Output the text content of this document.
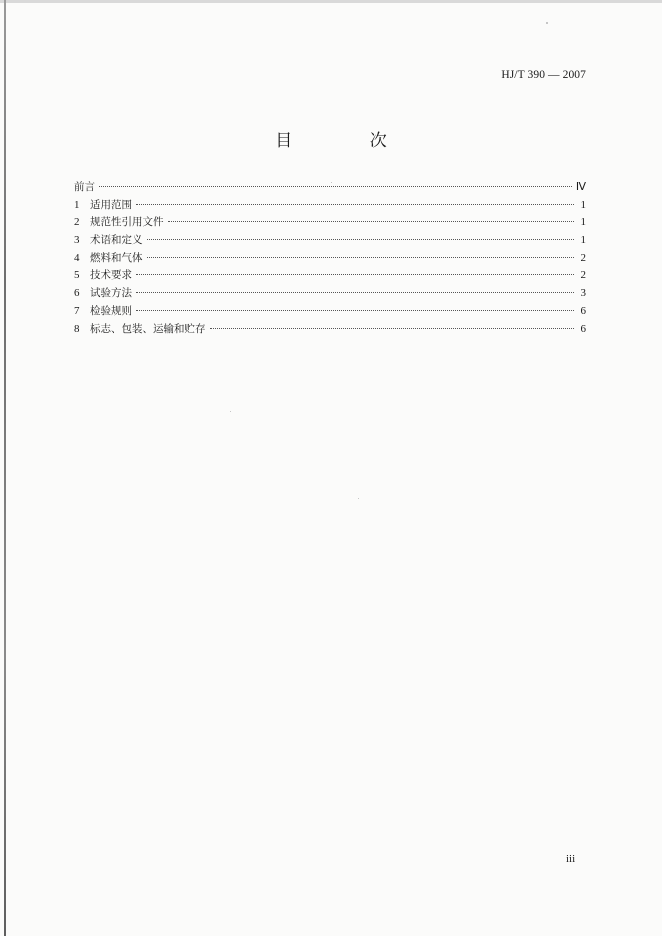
HJ/T 390 — 2007
目 次
前言	Ⅳ
1	适用范围	1
2	规范性引用文件	1
3	术语和定义	1
4	燃料和气体	2
5	技术要求	2
6	试验方法	3
7	检验规则	6
8	标志、包装、运输和贮存	6
iii
